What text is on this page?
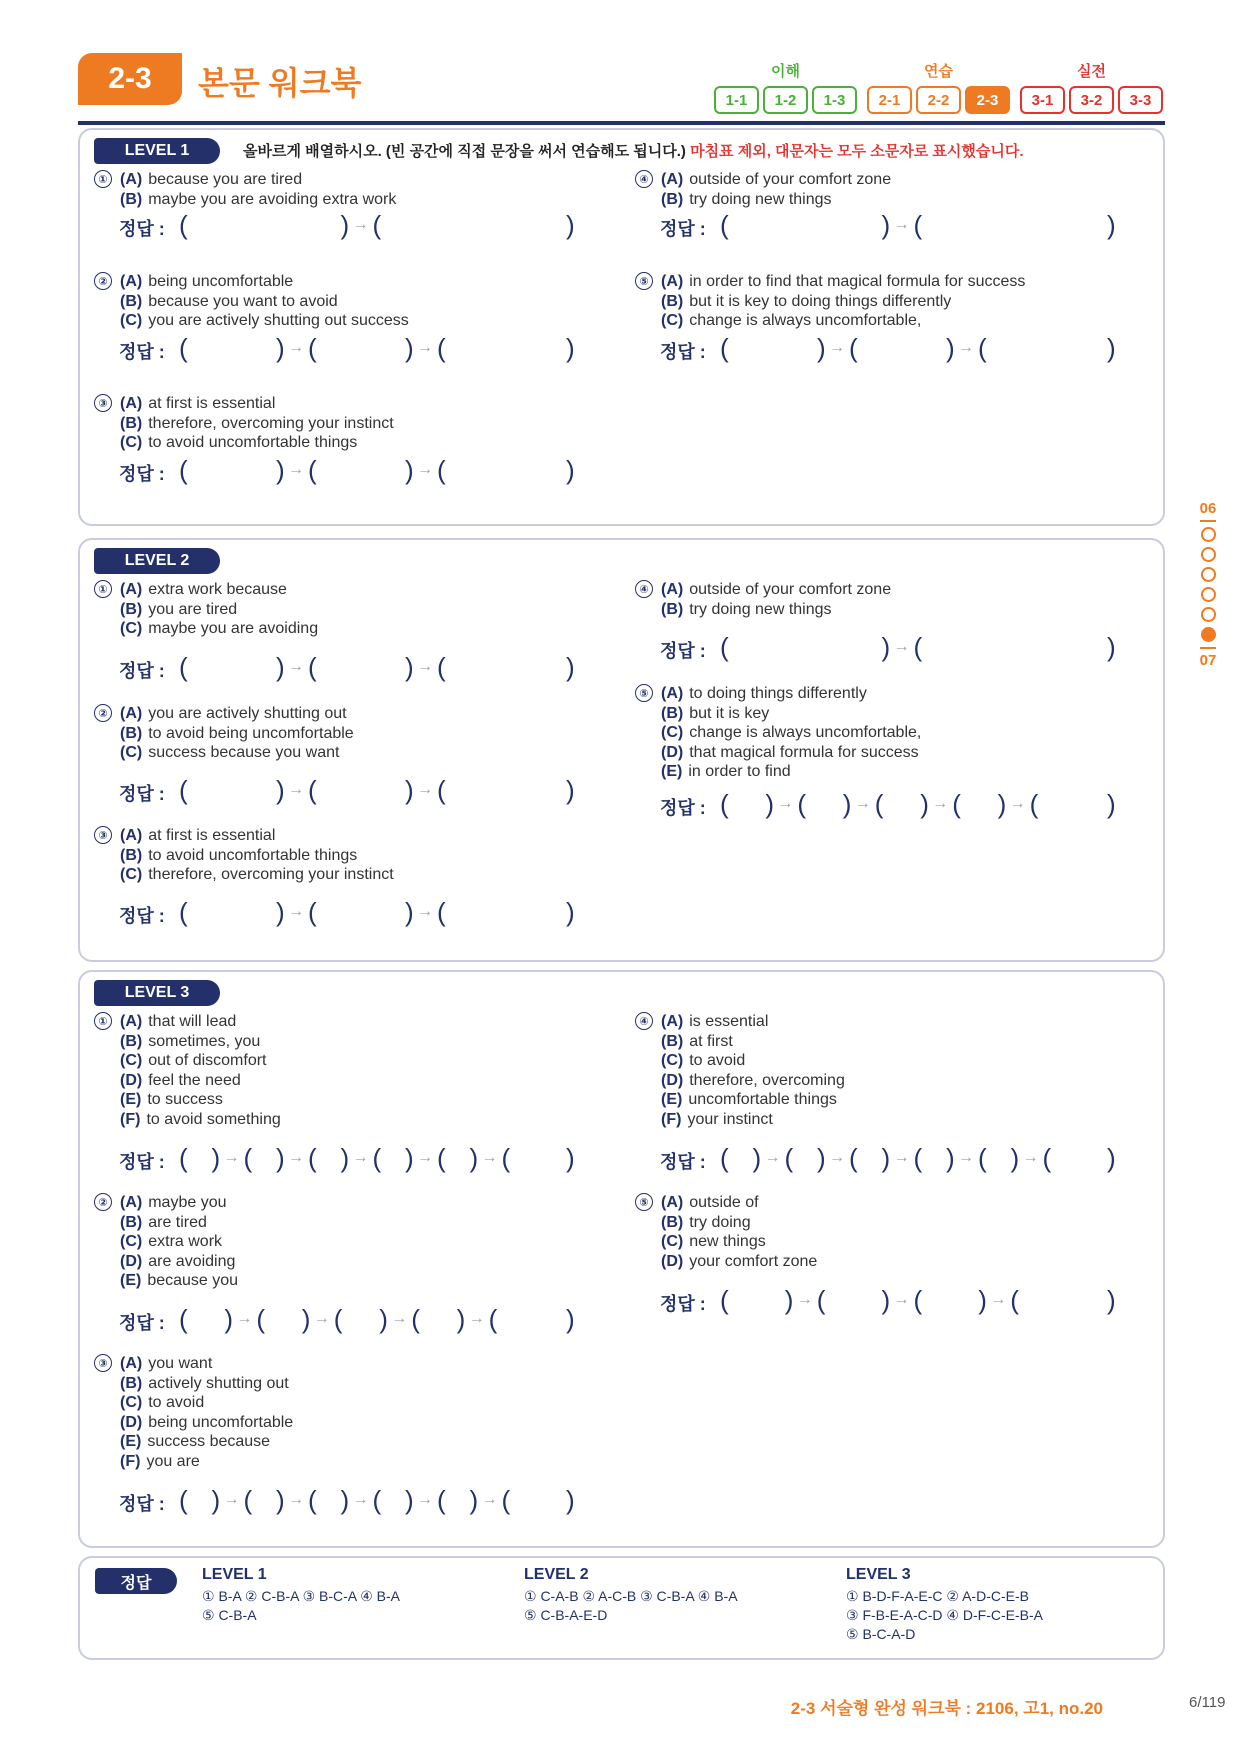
2-3	본문 워크북	이해
1-1	1-2	1-3
연습
2-1	2-2	2-3
실전
3-1	3-2	3-3
LEVEL 1	올바르게 배열하시오. (빈 공간에 직접 문장을 써서 연습해도 됩니다.) 마침표 제외, 대문자는 모두 소문자로 표시했습니다.
① (A) because you are tired
(B) maybe you are avoiding extra work
정답 : (	) → (	)
② (A) being uncomfortable
(B) because you want to avoid
(C) you are actively shutting out success
정답 : (	) → (	) → (	)
③ (A) at first is essential
(B) therefore, overcoming your instinct
(C) to avoid uncomfortable things
정답 : (	) → (	) → (	)
④ (A) outside of your comfort zone
(B) try doing new things
정답 : (	) → (	)
⑤ (A) in order to find that magical formula for success
(B) but it is key to doing things differently
(C) change is always uncomfortable,
정답 : (	) → (	) → (	)
LEVEL 2
① (A) extra work because
(B) you are tired
(C) maybe you are avoiding
정답 : (	) → (	) → (	)
② (A) you are actively shutting out
(B) to avoid being uncomfortable
(C) success because you want
정답 : (	) → (	) → (	)
③ (A) at first is essential
(B) to avoid uncomfortable things
(C) therefore, overcoming your instinct
정답 : (	) → (	) → (	)
④ (A) outside of your comfort zone
(B) try doing new things
정답 : (	) → (	)
⑤ (A) to doing things differently
(B) but it is key
(C) change is always uncomfortable,
(D) that magical formula for success
(E) in order to find
정답 : ( ) → ( ) → ( ) → ( ) → (	)
LEVEL 3
① (A) that will lead
(B) sometimes, you
(C) out of discomfort
(D) feel the need
(E) to success
(F) to avoid something
정답 : ( ) → ( ) → ( ) → ( ) → ( ) → ( )
② (A) maybe you
(B) are tired
(C) extra work
(D) are avoiding
(E) because you
정답 : ( ) → ( ) → ( ) → ( ) → (	)
③ (A) you want
(B) actively shutting out
(C) to avoid
(D) being uncomfortable
(E) success because
(F) you are
정답 : ( ) → ( ) → ( ) → ( ) → ( ) → ( )
④ (A) is essential
(B) at first
(C) to avoid
(D) therefore, overcoming
(E) uncomfortable things
(F) your instinct
정답 : ( ) → ( ) → ( ) → ( ) → ( ) → ( )
⑤ (A) outside of
(B) try doing
(C) new things
(D) your comfort zone
정답 : ( ) → ( ) → ( ) → (	)
정답	LEVEL 1
① B-A ② C-B-A ③ B-C-A ④ B-A
⑤ C-B-A
LEVEL 2
① C-A-B ② A-C-B ③ C-B-A ④ B-A
⑤ C-B-A-E-D
LEVEL 3
① B-D-F-A-E-C ② A-D-C-E-B
③ F-B-E-A-C-D ④ D-F-C-E-B-A
⑤ B-C-A-D
06
07
2-3 서술형 완성 워크북 : 2106, 고1, no.20	6/119
